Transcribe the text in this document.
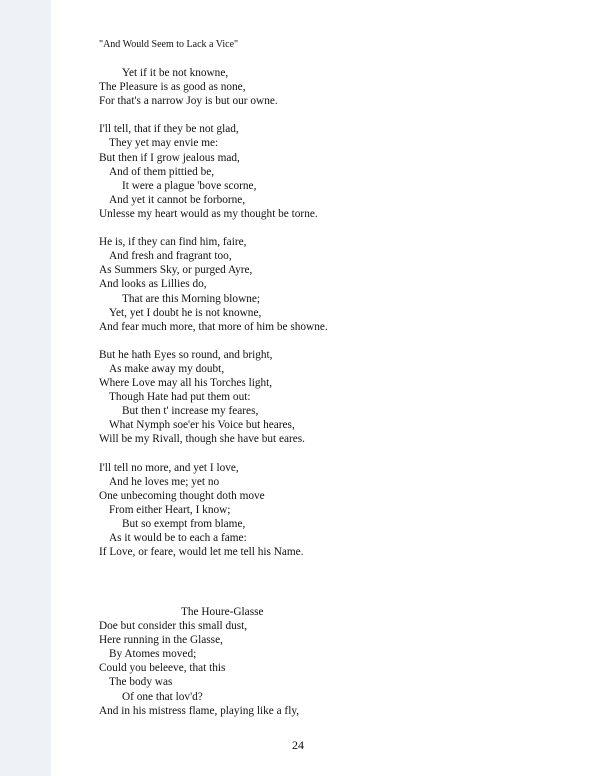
"And Would Seem to Lack a Vice"
Yet if it be not knowne,
The Pleasure is as good as none,
For that's a narrow Joy is but our owne.
I'll tell, that if they be not glad,
They yet may envie me:
But then if I grow jealous mad,
And of them pittied be,
It were a plague 'bove scorne,
And yet it cannot be forborne,
Unlesse my heart would as my thought be torne.
He is, if they can find him, faire,
And fresh and fragrant too,
As Summers Sky, or purged Ayre,
And looks as Lillies do,
That are this Morning blowne;
Yet, yet I doubt he is not knowne,
And fear much more, that more of him be showne.
But he hath Eyes so round, and bright,
As make away my doubt,
Where Love may all his Torches light,
Though Hate had put them out:
But then t' increase my feares,
What Nymph soe'er his Voice but heares,
Will be my Rivall, though she have but eares.
I'll tell no more, and yet I love,
And he loves me; yet no
One unbecoming thought doth move
From either Heart, I know;
But so exempt from blame,
As it would be to each a fame:
If Love, or feare, would let me tell his Name.
The Houre-Glasse
Doe but consider this small dust,
Here running in the Glasse,
By Atomes moved;
Could you beleeve, that this
The body was
Of one that lov'd?
And in his mistress flame, playing like a fly,
24
